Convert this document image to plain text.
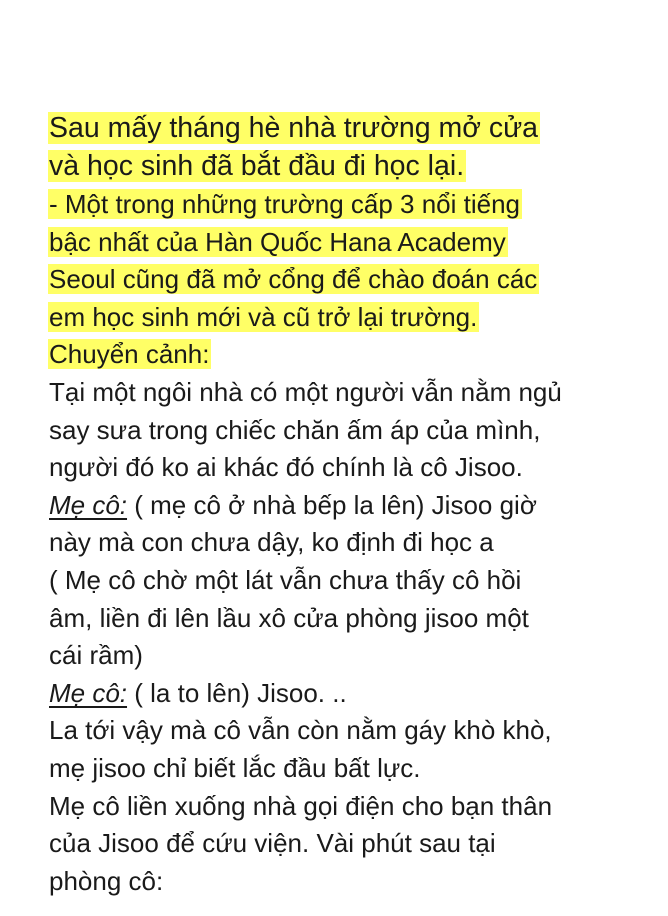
Sau mấy tháng hè nhà trường mở cửa
và học sinh đã bắt đầu đi học lại.
- Một trong những trường cấp 3 nổi tiếng
bậc nhất của Hàn Quốc Hana Academy
Seoul cũng đã mở cổng để chào đoán các
em học sinh mới và cũ trở lại trường.
Chuyển cảnh:
Tại một ngôi nhà có một người vẫn nằm ngủ
say sưa trong chiếc chăn ấm áp của mình,
người đó ko ai khác đó chính là cô Jisoo.
Mẹ cô: ( mẹ cô ở nhà bếp la lên) Jisoo giờ
này mà con chưa dậy, ko định đi học a
( Mẹ cô chờ một lát vẫn chưa thấy cô hồi
âm, liền đi lên lầu xô cửa phòng jisoo một
cái rầm)
Mẹ cô: ( la to lên) Jisoo. ..
La tới vậy mà cô vẫn còn nằm gáy khò khò,
mẹ jisoo chỉ biết lắc đầu bất lực.
Mẹ cô liền xuống nhà gọi điện cho bạn thân
của Jisoo để cứu viện. Vài phút sau tại
phòng cô:
